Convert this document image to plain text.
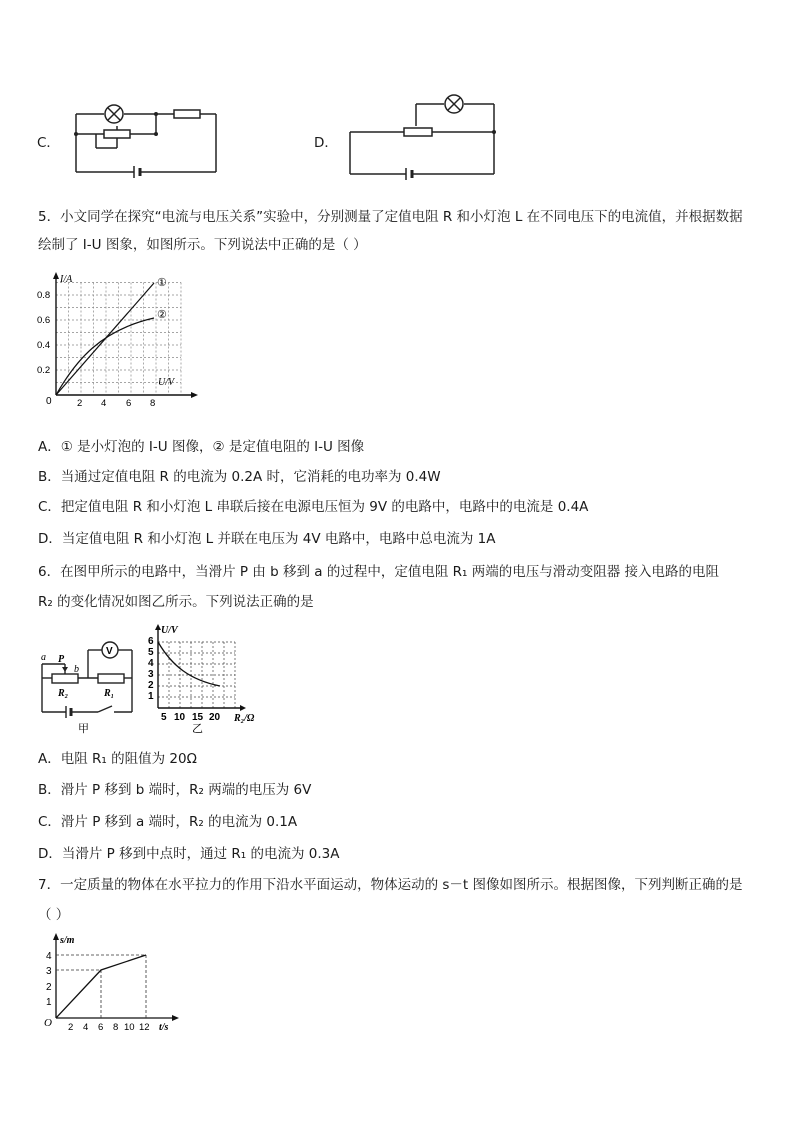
C．	D．
5．小文同学在探究“电流与电压关系”实验中，分别测量了定值电阻 R 和小灯泡 L 在不同电压下的电流值，并根据数据
绘制了 I-U 图象，如图所示。下列说法中正确的是（ ）
I/A
U/V
0
①
②
0.8
0.6
0.4
0.2
2 4 6 8
A．① 是小灯泡的 I-U 图像，② 是定值电阻的 I-U 图像
B．当通过定值电阻 R 的电流为 0.2A 时，它消耗的电功率为 0.4W
C．把定值电阻 R 和小灯泡 L 串联后接在电源电压恒为 9V 的电路中，电路中的电流是 0.4A
D．当定值电阻 R 和小灯泡 L 并联在电压为 4V 电路中，电路中总电流为 1A
6．在图甲所示的电路中，当滑片 P 由 b 移到 a 的过程中，定值电阻 R₁ 两端的电压与滑动变阻器 接入电路的电阻
R₂ 的变化情况如图乙所示。下列说法正确的是
a P
b
V
R₂	R₁
甲
U/V
R₂/Ω
6
5
4
3
2
1
5 10 15 20
乙
A．电阻 R₁ 的阻值为 20Ω
B．滑片 P 移到 b 端时，R₂ 两端的电压为 6V
C．滑片 P 移到 a 端时，R₂ 的电流为 0.1A
D．当滑片 P 移到中点时，通过 R₁ 的电流为 0.3A
7．一定质量的物体在水平拉力的作用下沿水平面运动，物体运动的 s－t 图像如图所示。根据图像，下列判断正确的是
（ ）
s/m
t/s
O
4
3
2
1
2 4 6 8 10 12
